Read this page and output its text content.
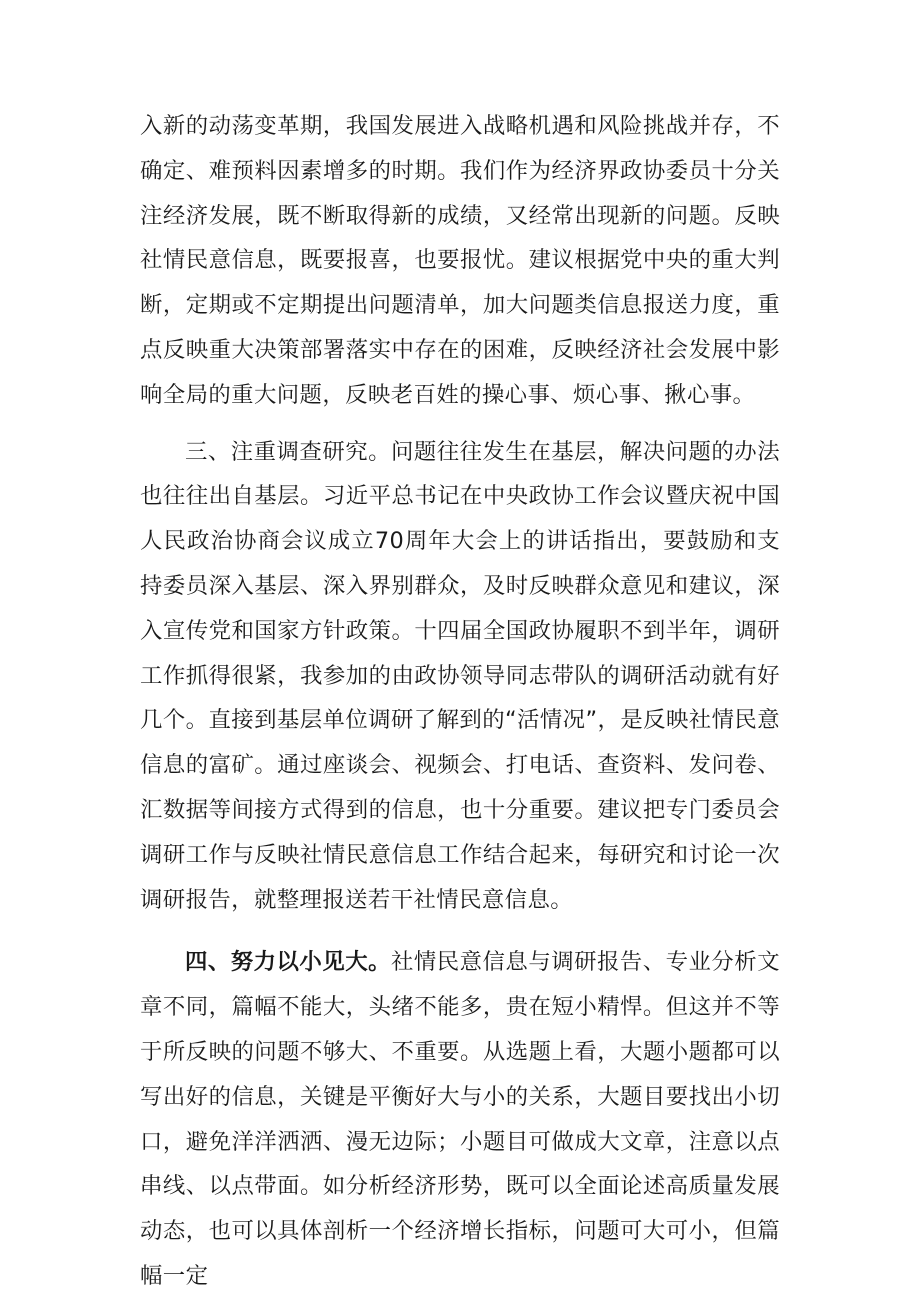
入新的动荡变革期，我国发展进入战略机遇和风险挑战并存，不确定、难预料因素增多的时期。我们作为经济界政协委员十分关注经济发展，既不断取得新的成绩，又经常出现新的问题。反映社情民意信息，既要报喜，也要报忧。建议根据党中央的重大判断，定期或不定期提出问题清单，加大问题类信息报送力度，重点反映重大决策部署落实中存在的困难，反映经济社会发展中影响全局的重大问题，反映老百姓的操心事、烦心事、揪心事。

三、注重调查研究。问题往往发生在基层，解决问题的办法也往往出自基层。习近平总书记在中央政协工作会议暨庆祝中国人民政治协商会议成立70周年大会上的讲话指出，要鼓励和支持委员深入基层、深入界别群众，及时反映群众意见和建议，深入宣传党和国家方针政策。十四届全国政协履职不到半年，调研工作抓得很紧，我参加的由政协领导同志带队的调研活动就有好几个。直接到基层单位调研了解到的“活情况”，是反映社情民意信息的富矿。通过座谈会、视频会、打电话、查资料、发问卷、汇数据等间接方式得到的信息，也十分重要。建议把专门委员会调研工作与反映社情民意信息工作结合起来，每研究和讨论一次调研报告，就整理报送若干社情民意信息。

四、努力以小见大。社情民意信息与调研报告、专业分析文章不同，篇幅不能大，头绪不能多，贵在短小精悍。但这并不等于所反映的问题不够大、不重要。从选题上看，大题小题都可以写出好的信息，关键是平衡好大与小的关系，大题目要找出小切口，避免洋洋洒洒、漫无边际；小题目可做成大文章，注意以点串线、以点带面。如分析经济形势，既可以全面论述高质量发展动态，也可以具体剖析一个经济增长指标，问题可大可小，但篇幅一定
